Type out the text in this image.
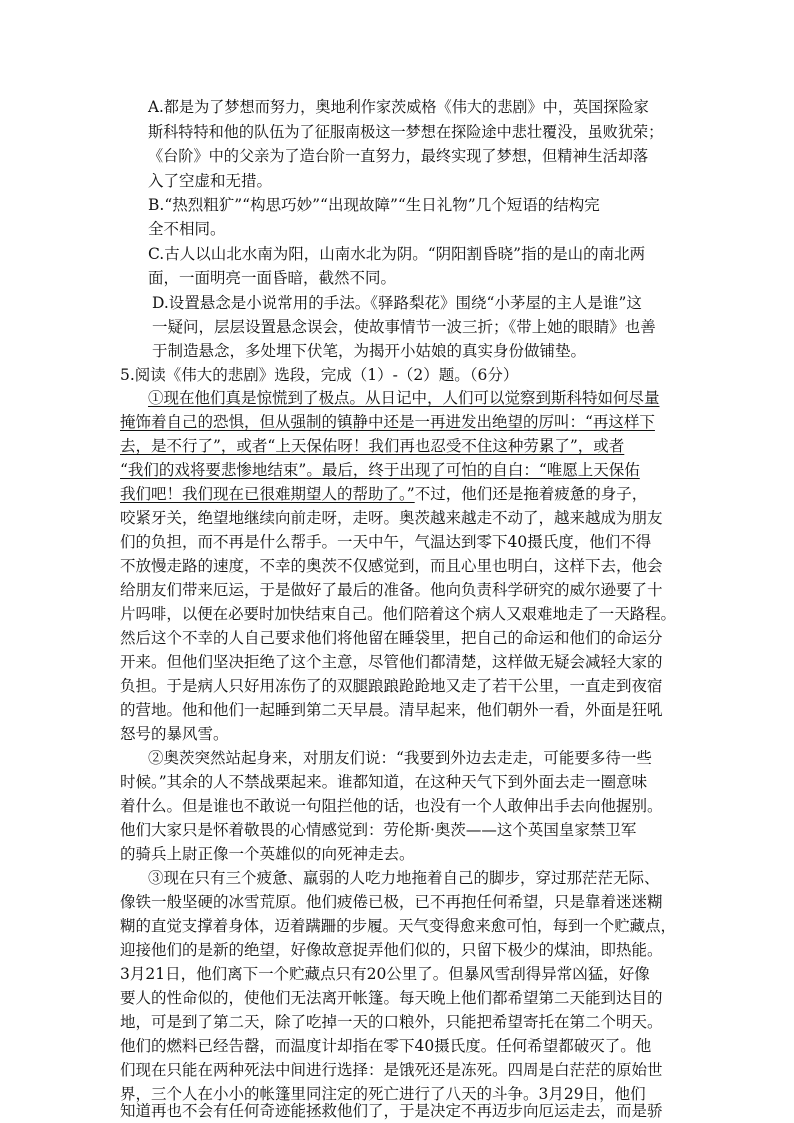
A.都是为了梦想而努力，奥地利作家茨威格《伟大的悲剧》中，英国探险家
斯科特特和他的队伍为了征服南极这一梦想在探险途中悲壮覆没，虽败犹荣；
《台阶》中的父亲为了造台阶一直努力，最终实现了梦想，但精神生活却落
入了空虚和无措。
B.“热烈粗犷”“构思巧妙”“出现故障”“生日礼物”几个短语的结构完
全不相同。
C.古人以山北水南为阳，山南水北为阴。“阴阳割昏晓”指的是山的南北两
面，一面明亮一面昏暗，截然不同。
D.设置悬念是小说常用的手法。《驿路梨花》围绕“小茅屋的主人是谁”这
一疑问，层层设置悬念误会，使故事情节一波三折；《带上她的眼睛》也善
于制造悬念，多处埋下伏笔，为揭开小姑娘的真实身份做铺垫。
5.阅读《伟大的悲剧》选段，完成（1）-（2）题。（6分）
①现在他们真是惊慌到了极点。从日记中，人们可以觉察到斯科特如何尽量
掩饰着自己的恐惧，但从强制的镇静中还是一再进发出绝望的厉叫：“再这样下
去，是不行了”，或者“上天保佑呀！我们再也忍受不住这种劳累了”，或者
“我们的戏将要悲惨地结束”。最后，终于出现了可怕的自白：“唯愿上天保佑
我们吧！我们现在已很难期望人的帮助了。”不过，他们还是拖着疲惫的身子，
咬紧牙关，绝望地继续向前走呀，走呀。奥茨越来越走不动了，越来越成为朋友
们的负担，而不再是什么帮手。一天中午，气温达到零下40摄氏度，他们不得
不放慢走路的速度，不幸的奥茨不仅感觉到，而且心里也明白，这样下去，他会
给朋友们带来厄运，于是做好了最后的准备。他向负责科学研究的威尔逊要了十
片吗啡，以便在必要时加快结束自己。他们陪着这个病人又艰难地走了一天路程。
然后这个不幸的人自己要求他们将他留在睡袋里，把自己的命运和他们的命运分
开来。但他们坚决拒绝了这个主意，尽管他们都清楚，这样做无疑会减轻大家的
负担。于是病人只好用冻伤了的双腿踉踉跄跄地又走了若干公里，一直走到夜宿
的营地。他和他们一起睡到第二天早晨。清早起来，他们朝外一看，外面是狂吼
怒号的暴风雪。
②奥茨突然站起身来，对朋友们说：“我要到外边去走走，可能要多待一些
时候。”其余的人不禁战栗起来。谁都知道，在这种天气下到外面去走一圈意味
着什么。但是谁也不敢说一句阻拦他的话，也没有一个人敢伸出手去向他握别。
他们大家只是怀着敬畏的心情感觉到：劳伦斯·奥茨——这个英国皇家禁卫军
的骑兵上尉正像一个英雄似的向死神走去。
③现在只有三个疲惫、羸弱的人吃力地拖着自己的脚步，穿过那茫茫无际、
像铁一般坚硬的冰雪荒原。他们疲倦已极，已不再抱任何希望，只是靠着迷迷糊
糊的直觉支撑着身体，迈着蹒跚的步履。天气变得愈来愈可怕，每到一个贮藏点，
迎接他们的是新的绝望，好像故意捉弄他们似的，只留下极少的煤油，即热能。
3月21日，他们离下一个贮藏点只有20公里了。但暴风雪刮得异常凶猛，好像
要人的性命似的，使他们无法离开帐篷。每天晚上他们都希望第二天能到达目的
地，可是到了第二天，除了吃掉一天的口粮外，只能把希望寄托在第二个明天。
他们的燃料已经告罄，而温度计却指在零下40摄氏度。任何希望都破灭了。他
们现在只能在两种死法中间进行选择：是饿死还是冻死。四周是白茫茫的原始世
界，三个人在小小的帐篷里同注定的死亡进行了八天的斗争。3月29日，他们
知道再也不会有任何奇迹能拯救他们了，于是决定不再迈步向厄运走去，而是骄
